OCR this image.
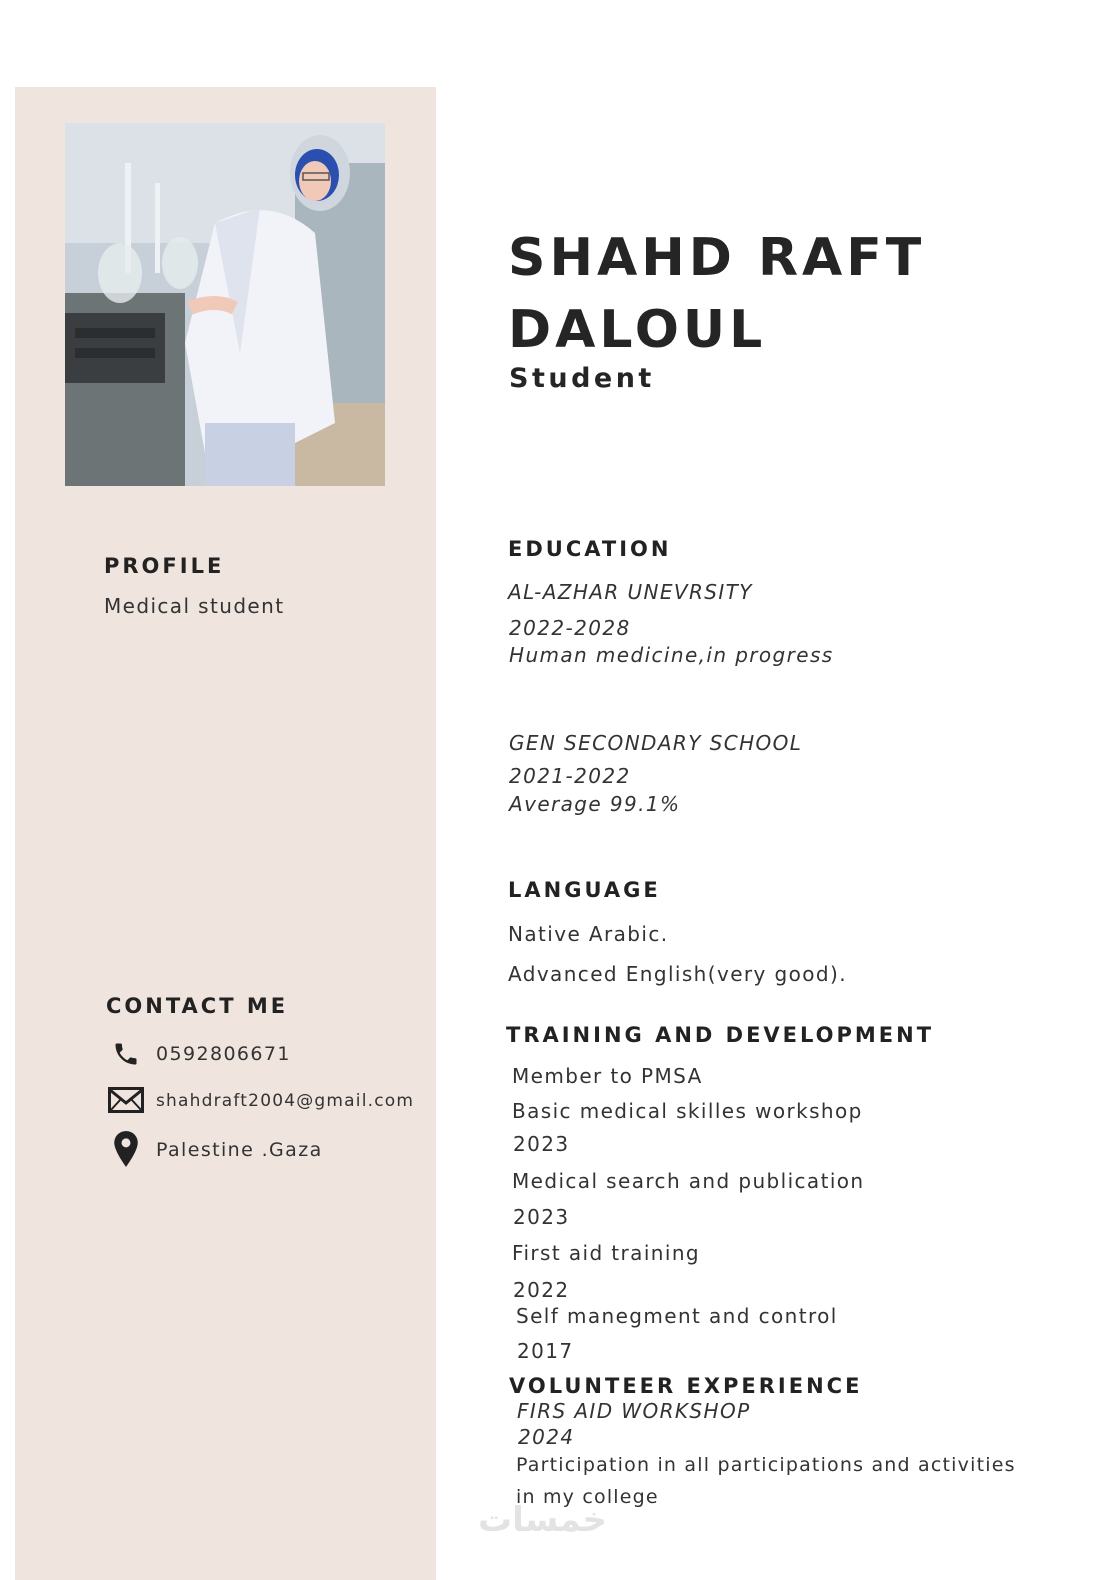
SHAHD RAFT
DALOUL
Student
PROFILE
Medical student
CONTACT ME
0592806671
shahdraft2004@gmail.com
Palestine .Gaza
EDUCATION
AL-AZHAR UNEVRSITY
2022-2028
Human medicine,in progress
GEN SECONDARY SCHOOL
2021-2022
Average 99.1%
LANGUAGE
Native Arabic.
Advanced English(very good).
TRAINING AND DEVELOPMENT
Member to PMSA
Basic medical skilles workshop
2023
Medical search and publication
2023
First aid training
2022
Self manegment and control
2017
VOLUNTEER EXPERIENCE
FIRS AID WORKSHOP
2024
Participation in all participations and activities
in my college
خمسات
